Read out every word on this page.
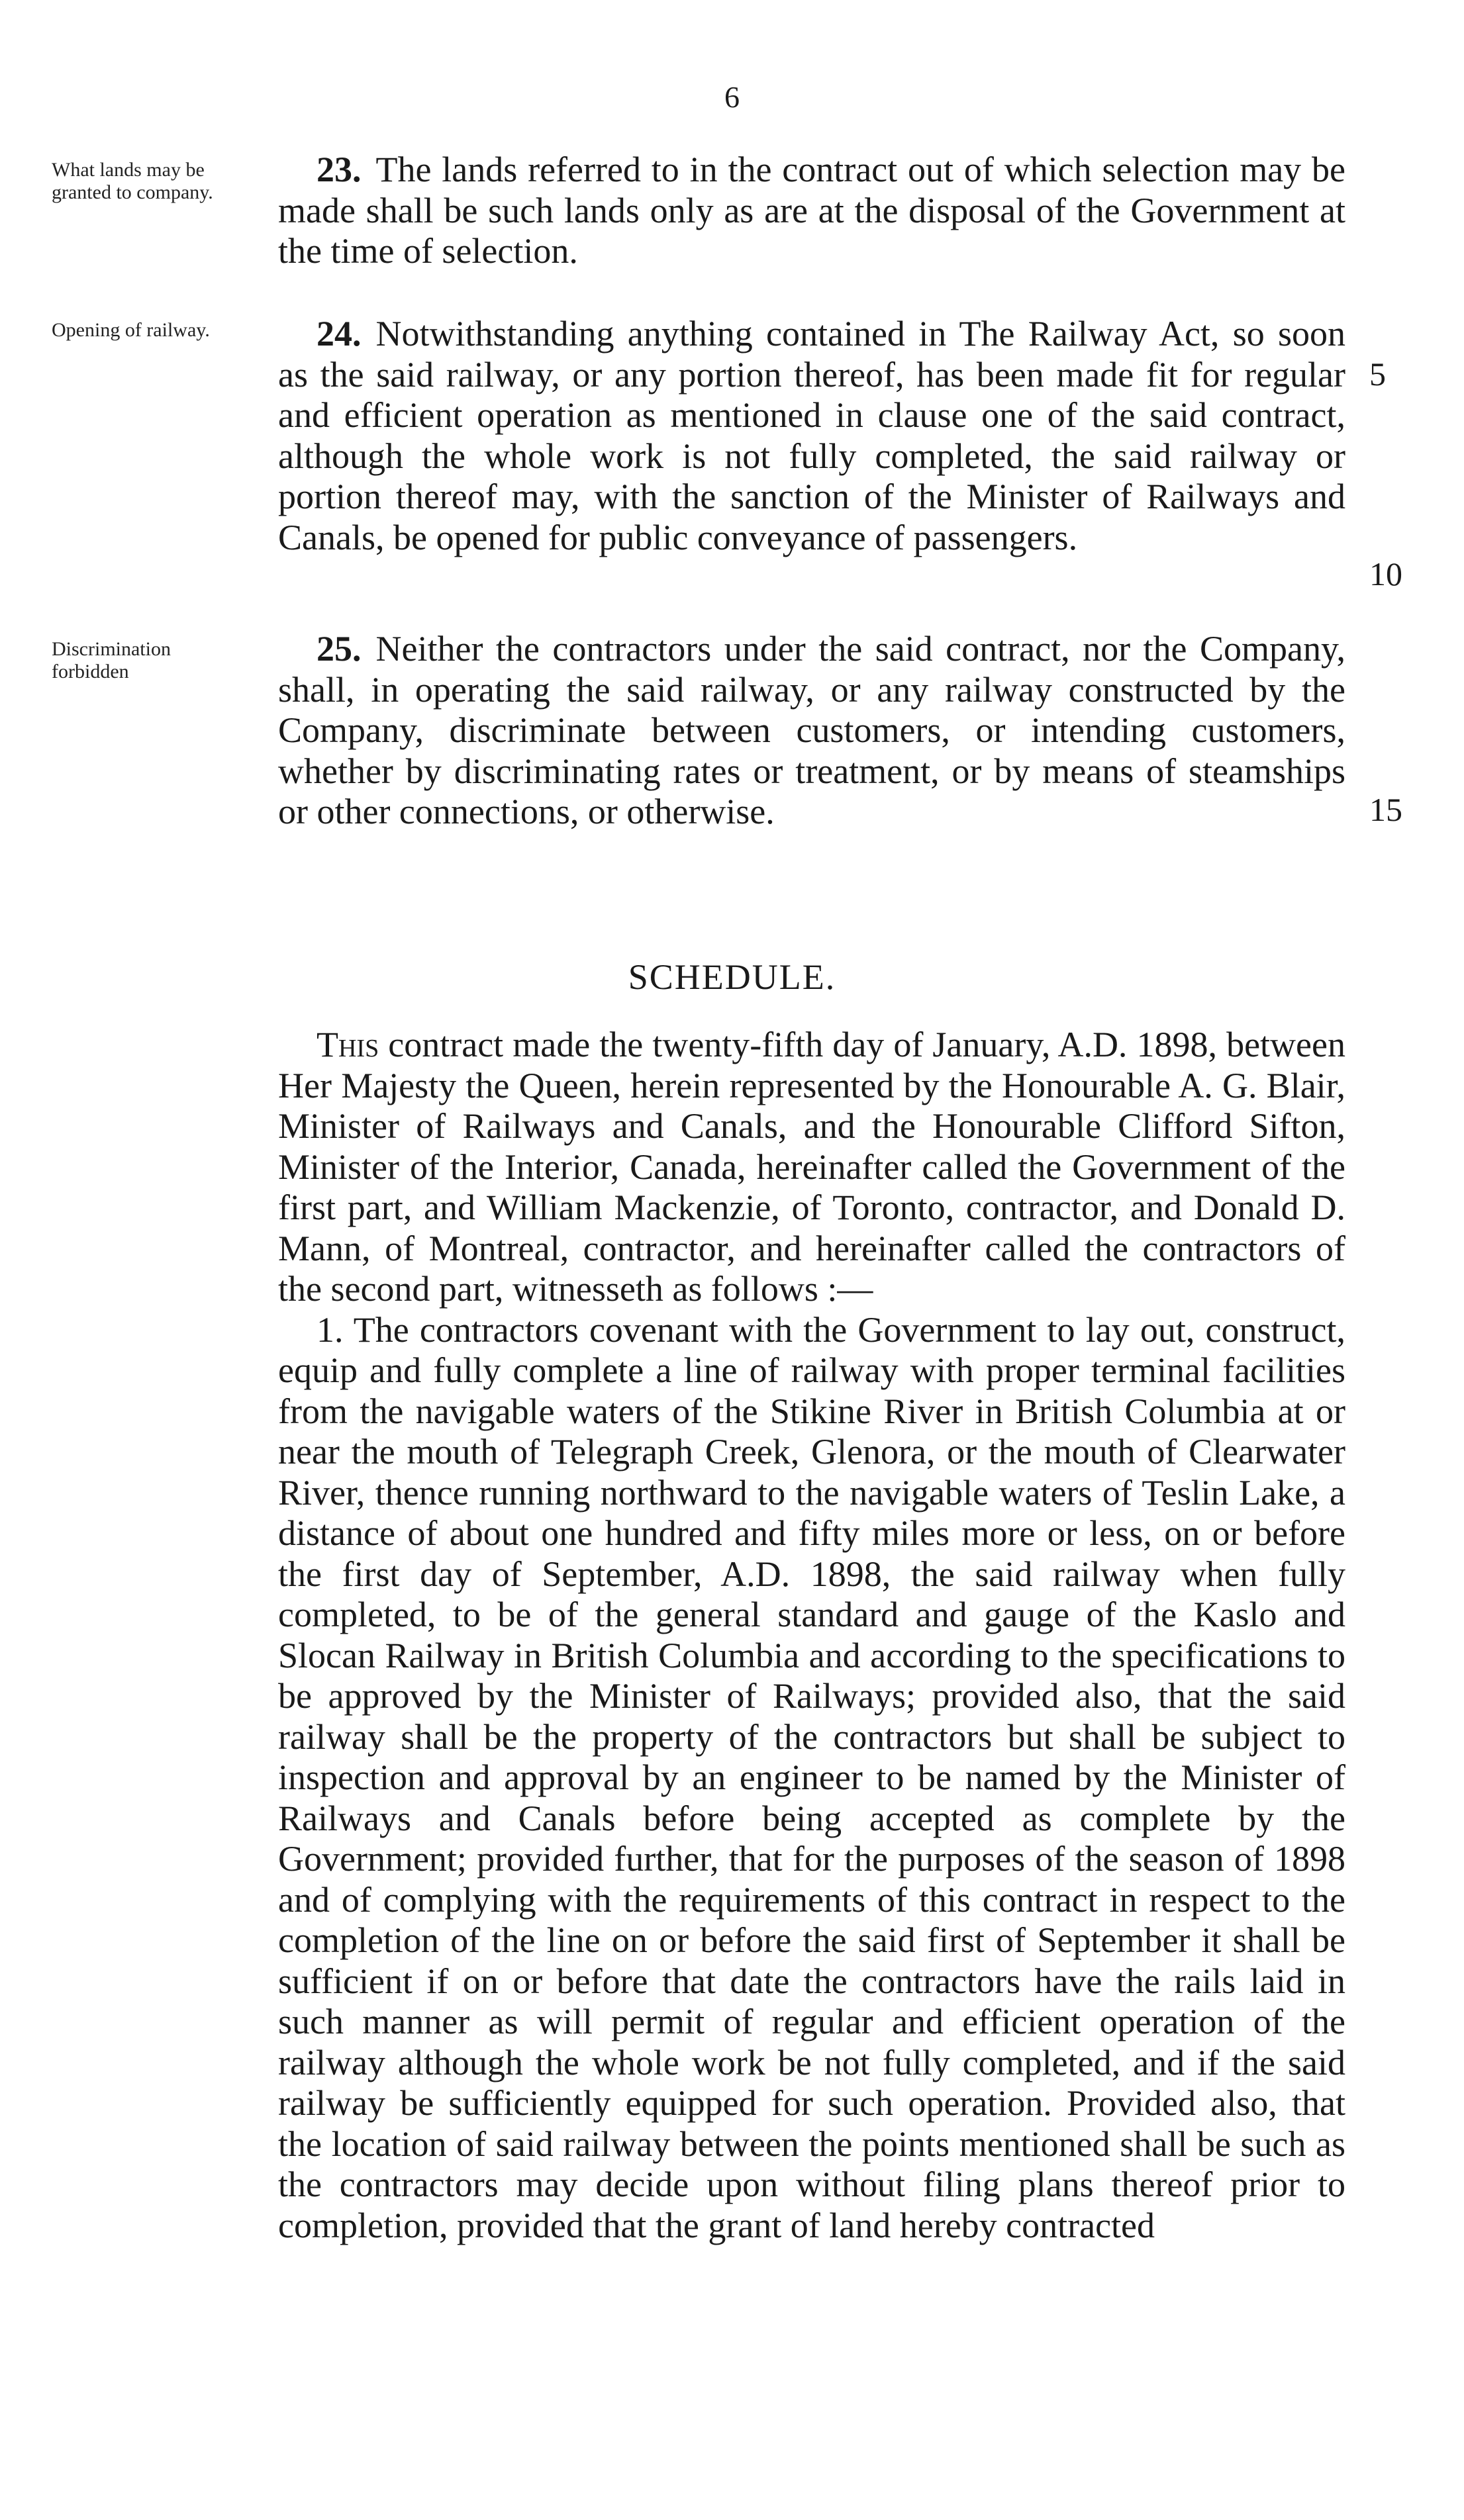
6
What lands may be granted to company.
23. The lands referred to in the contract out of which selection may be made shall be such lands only as are at the disposal of the Government at the time of selection.
Opening of railway.	24. Notwithstanding anything contained in The Railway Act, so soon as the said railway, or any portion thereof, has been made fit for regular and efficient operation as mentioned in clause one of the said contract, although the whole work is not fully completed, the said railway or portion thereof may, with the sanction of the Minister of Railways and Canals, be opened for public conveyance of passengers.
5
10
Discrimination forbidden
25. Neither the contractors under the said contract, nor the Company, shall, in operating the said railway, or any railway constructed by the Company, discriminate between customers, or intending customers, whether by discriminating rates or treatment, or by means of steamships or other connections, or otherwise.	15
SCHEDULE.

This contract made the twenty-fifth day of January, A.D. 1898, between Her Majesty the Queen, herein represented by the Honourable A. G. Blair, Minister of Railways and Canals, and the Honourable Clifford Sifton, Minister of the Interior, Canada, hereinafter called the Government of the first part, and William Mackenzie, of Toronto, contractor, and Donald D. Mann, of Montreal, contractor, and hereinafter called the contractors of the second part, witnesseth as follows :—

1. The contractors covenant with the Government to lay out, construct, equip and fully complete a line of railway with proper terminal facilities from the navigable waters of the Stikine River in British Columbia at or near the mouth of Telegraph Creek, Glenora, or the mouth of Clearwater River, thence running northward to the navigable waters of Teslin Lake, a distance of about one hundred and fifty miles more or less, on or before the first day of September, A.D. 1898, the said railway when fully completed, to be of the general standard and gauge of the Kaslo and Slocan Railway in British Columbia and according to the specifications to be approved by the Minister of Railways; provided also, that the said railway shall be the property of the contractors but shall be subject to inspection and approval by an engineer to be named by the Minister of Railways and Canals before being accepted as complete by the Government; provided further, that for the purposes of the season of 1898 and of complying with the requirements of this contract in respect to the completion of the line on or before the said first of September it shall be sufficient if on or before that date the contractors have the rails laid in such manner as will permit of regular and efficient operation of the railway although the whole work be not fully completed, and if the said railway be sufficiently equipped for such operation. Provided also, that the location of said railway between the points mentioned shall be such as the contractors may decide upon without filing plans thereof prior to completion, provided that the grant of land hereby contracted
